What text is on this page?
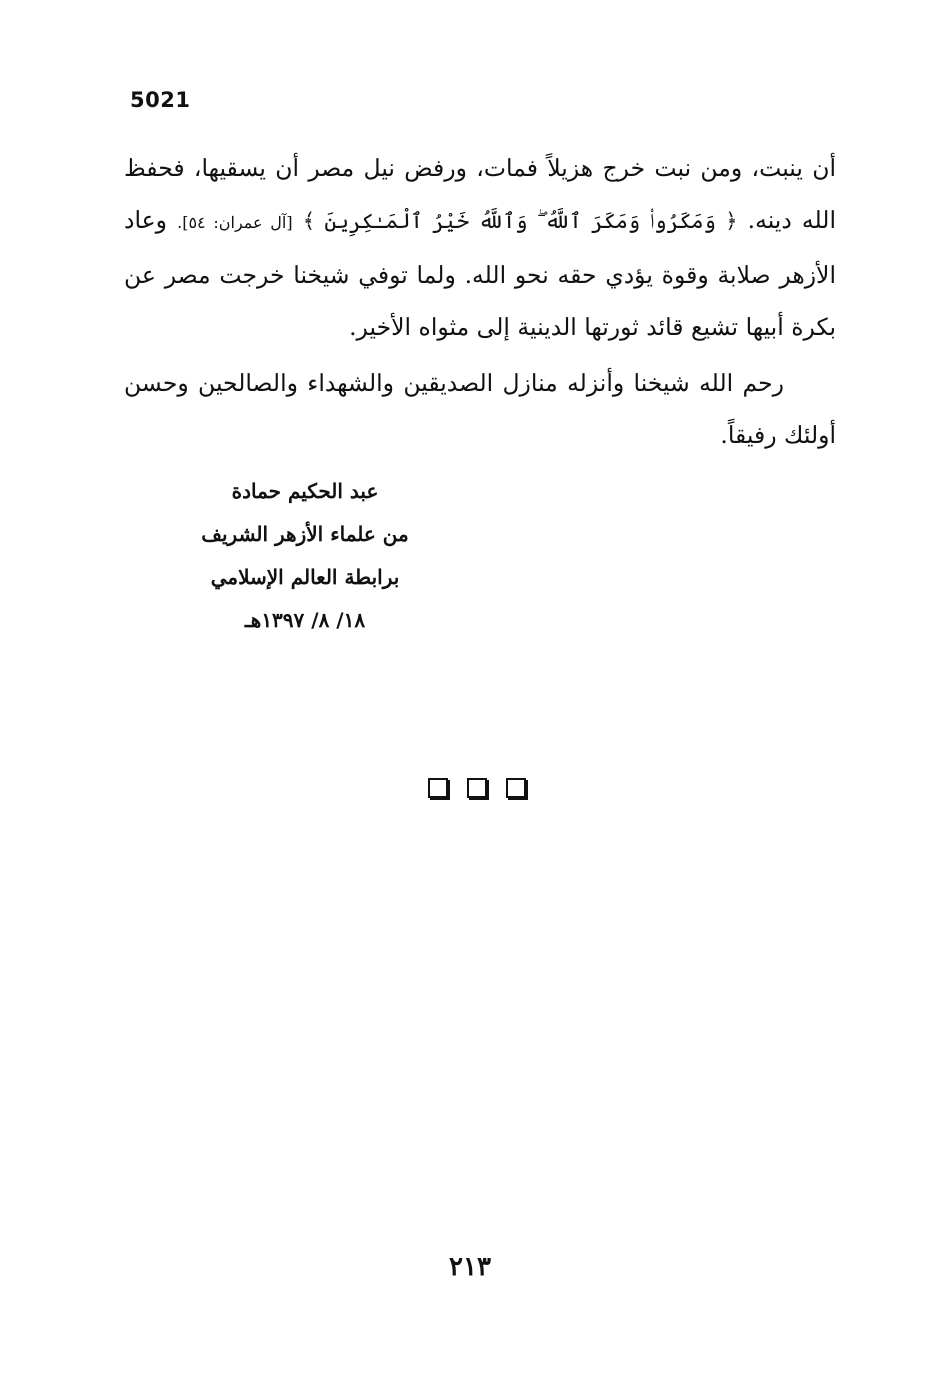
5021

أن ينبت، ومن نبت خرج هزيلاً فمات، ورفض نيل مصر أن يسقيها، فحفظ الله دينه. ﴿ وَمَكَرُوا۟ وَمَكَرَ ٱللَّهُ ۖ وَٱللَّهُ خَيْرُ ٱلْمَـٰكِرِينَ ﴾ [آل عمران: ٥٤]. وعاد الأزهر صلابة وقوة يؤدي حقه نحو الله. ولما توفي شيخنا خرجت مصر عن بكرة أبيها تشيع قائد ثورتها الدينية إلى مثواه الأخير.

رحم الله شيخنا وأنزله منازل الصديقين والشهداء والصالحين وحسن أولئك رفيقاً.

عبد الحكيم حمادة
من علماء الأزهر الشريف
برابطة العالم الإسلامي
١٨/ ٨/ ١٣٩٧هـ
٢١٣
